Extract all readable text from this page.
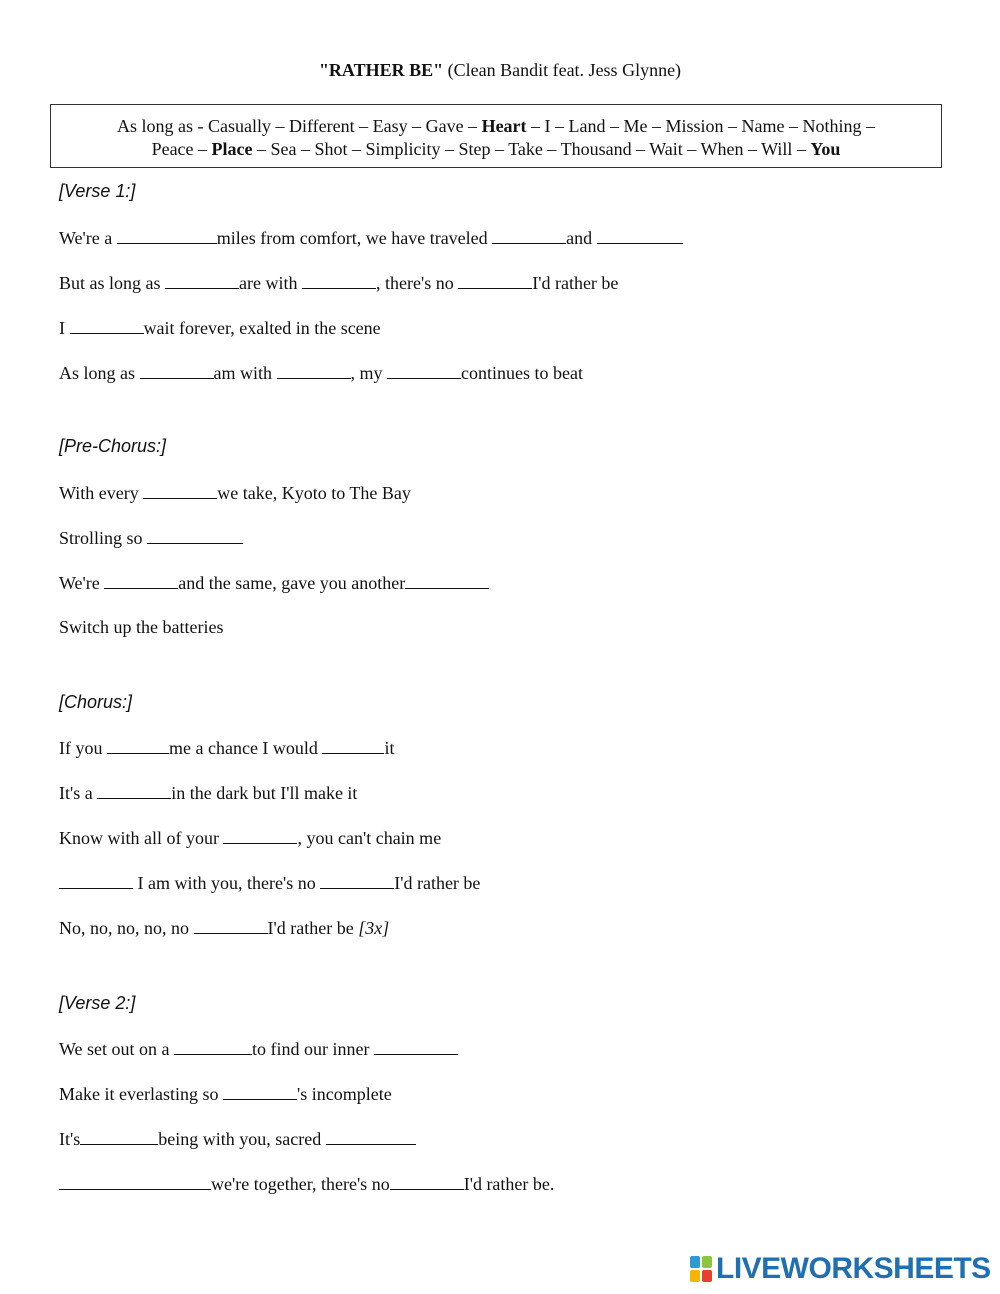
"RATHER BE" (Clean Bandit feat. Jess Glynne)
As long as - Casually – Different – Easy – Gave – Heart – I – Land – Me – Mission – Name – Nothing –
Peace – Place – Sea – Shot – Simplicity – Step – Take – Thousand – Wait – When – Will – You
[Verse 1:]
We're a	miles from comfort, we have traveled	and
But as long as	are with	, there's no	I'd rather be
I	wait forever, exalted in the scene
As long as	am with	, my	continues to beat
[Pre-Chorus:]
With every	we take, Kyoto to The Bay
Strolling so
We're	and the same, gave you another
Switch up the batteries
[Chorus:]
If you	me a chance I would	it
It's a	in the dark but I'll make it
Know with all of your	, you can't chain me
I am with you, there's no	I'd rather be
No, no, no, no, no	I'd rather be [3x]
[Verse 2:]
We set out on a	to find our inner
Make it everlasting so	's incomplete
It's	being with you, sacred
we're together, there's no	I'd rather be.
LIVEWORKSHEETS
